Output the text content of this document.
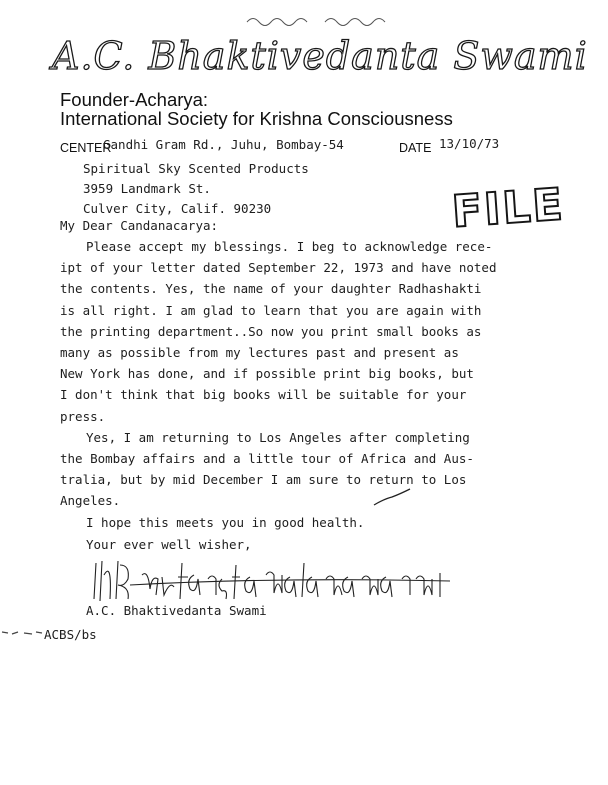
A.C. Bhaktivedanta Swami
Founder-Acharya:
International Society for Krishna Consciousness
CENTER
Gandhi Gram Rd., Juhu, Bombay-54	DATE 13/10/73
Spiritual Sky Scented Products
3959 Landmark St.
Culver City, Calif. 90230	FILE
My Dear Candanacarya:

Please accept my blessings. I beg to acknowledge rece-

ipt of your letter dated September 22, 1973 and have noted

the contents. Yes, the name of your daughter Radhashakti

is all right. I am glad to learn that you are again with

the printing department..So now you print small books as

many as possible from my lectures past and present as

New York has done, and if possible print big books, but

I don't think that big books will be suitable for your

press.

Yes, I am returning to Los Angeles after completing

the Bombay affairs and a little tour of Africa and Aus-

tralia, but by mid December I am sure to return to Los

Angeles.

I hope this meets you in good health.

Your ever well wisher,
A.C. Bhaktivedanta Swami
ACBS/bs
